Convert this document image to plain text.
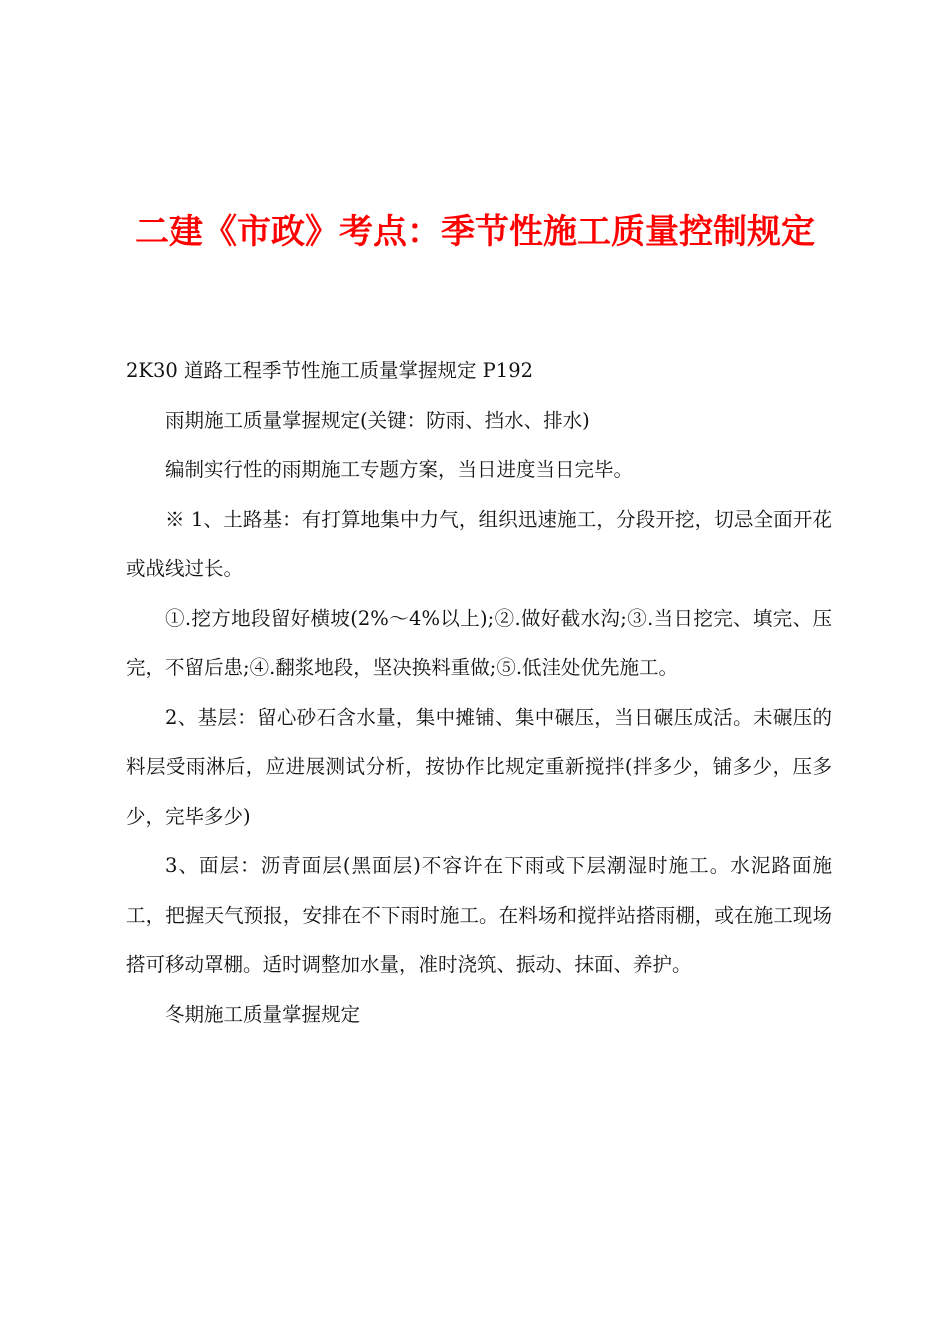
二建《市政》考点：季节性施工质量控制规定

2K30 道路工程季节性施工质量掌握规定 P192

雨期施工质量掌握规定(关键：防雨、挡水、排水)

编制实行性的雨期施工专题方案，当日进度当日完毕。

※ 1、土路基：有打算地集中力气，组织迅速施工，分段开挖，切忌全面开花或战线过长。

①.挖方地段留好横坡(2%～4%以上);②.做好截水沟;③.当日挖完、填完、压完，不留后患;④.翻浆地段，坚决换料重做;⑤.低洼处优先施工。

2、基层：留心砂石含水量，集中摊铺、集中碾压，当日碾压成活。未碾压的料层受雨淋后，应进展测试分析，按协作比规定重新搅拌(拌多少，铺多少，压多少，完毕多少)

3、面层：沥青面层(黑面层)不容许在下雨或下层潮湿时施工。水泥路面施工，把握天气预报，安排在不下雨时施工。在料场和搅拌站搭雨棚，或在施工现场搭可移动罩棚。适时调整加水量，准时浇筑、振动、抹面、养护。

冬期施工质量掌握规定
